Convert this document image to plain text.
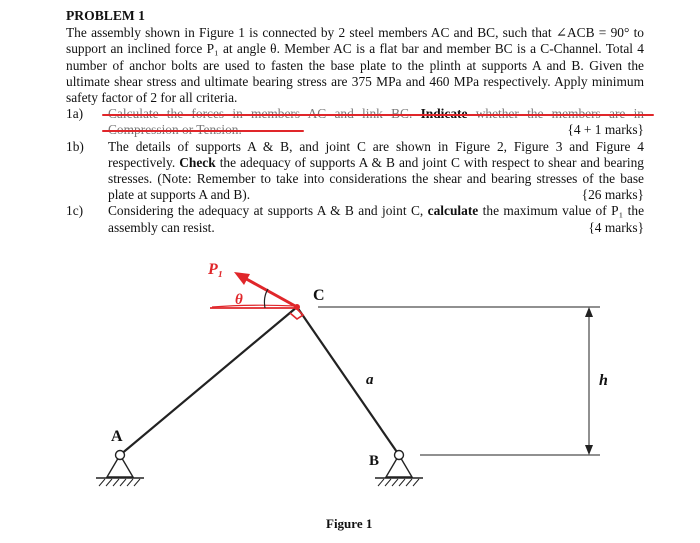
PROBLEM 1

The assembly shown in Figure 1 is connected by 2 steel members AC and BC, such that ∠ACB = 90° to support an inclined force P₁ at angle θ. Member AC is a flat bar and member BC is a C-Channel. Total 4 number of anchor bolts are used to fasten the base plate to the plinth at supports A and B. Given the ultimate shear stress and ultimate bearing stress are 375 MPa and 460 MPa respectively. Apply minimum safety factor of 2 for all criteria.

1a)
{4 + 1 marks}
1b) The details of supports A & B, and joint C are shown in Figure 2, Figure 3 and Figure 4 respectively. Check the adequacy of supports A & B and joint C with respect to shear and bearing stresses. (Note: Remember to take into considerations the shear and bearing stresses of the base plate at supports A and B).	{26 marks}
1c) Considering the adequacy at supports A & B and joint C, calculate the maximum value of P₁ the assembly can resist.	{4 marks}
P₁
θ	C
A
B
a	h
Figure 1
